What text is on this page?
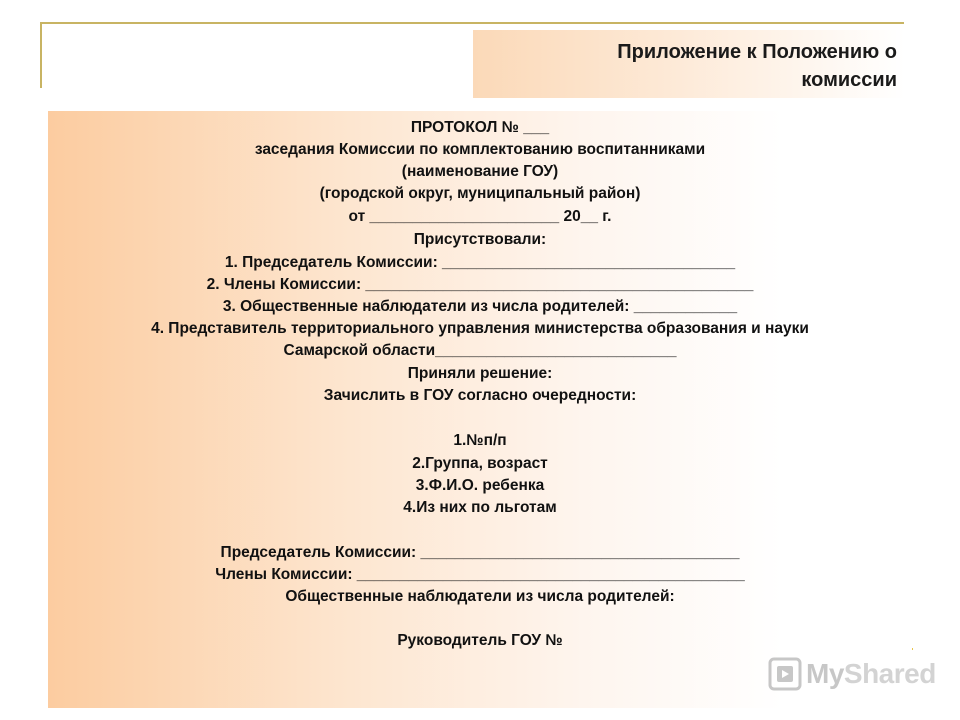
Приложение к Положению о
комиссии
ПРОТОКОЛ № ___
заседания Комиссии по комплектованию воспитанниками
(наименование ГОУ)
(городской округ, муниципальный район)
от ______________________ 20__ г.
Присутствовали:
1. Председатель Комиссии: __________________________________
2. Члены Комиссии: _____________________________________________
3. Общественные наблюдатели из числа родителей: ____________
4. Представитель территориального управления министерства образования и науки
Самарской области____________________________
Приняли решение:
Зачислить в ГОУ согласно очередности:
1.№п/п
2.Группа, возраст
3.Ф.И.О. ребенка
4.Из них по льготам
Председатель Комиссии: _____________________________________
Члены Комиссии: _____________________________________________
Общественные наблюдатели из числа родителей:
Руководитель ГОУ №
MyShared
